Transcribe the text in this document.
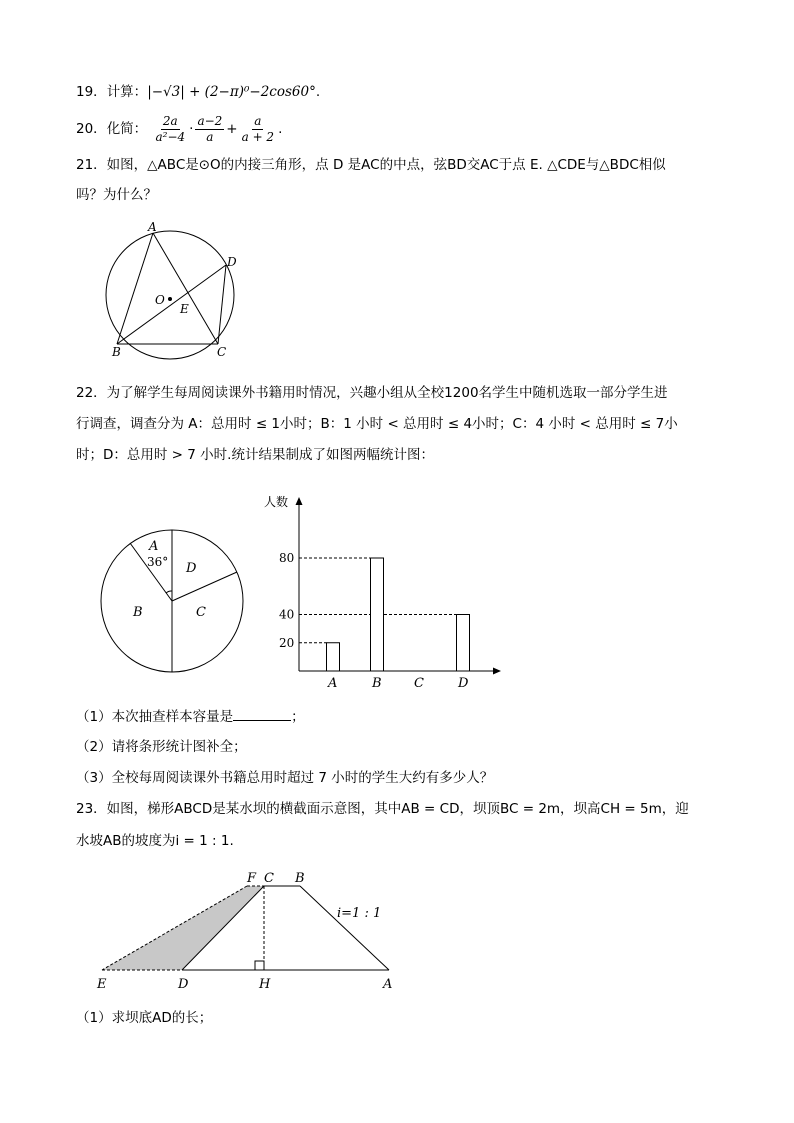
19．计算：|−√3| + (2−π)⁰−2cos60°.
20．化简： $\frac{2a}{\text{a²−4}} \cdot \frac{a-2}{a} + \frac{a}{a + 2}$ .
21．如图，△ABC是⊙O的内接三角形，点 D 是AC的中点，弦BD交AC于点 E. △CDE与△BDC相似
吗？为什么？
A
D
O
E
B	C
22．为了解学生每周阅读课外书籍用时情况，兴趣小组从全校1200名学生中随机选取一部分学生进
行调查，调查分为 A：总用时 ≤ 1小时；B：1 小时 < 总用时 ≤ 4小时；C：4 小时 < 总用时 ≤ 7小
时；D：总用时 > 7 小时.统计结果制成了如图两幅统计图：
A
36° D
B	C
人数
20
40
80
A	B C	D
（1）本次抽查样本容量是	；
（2）请将条形统计图补全；
（3）全校每周阅读课外书籍总用时超过 7 小时的学生大约有多少人？
23．如图，梯形ABCD是某水坝的横截面示意图，其中AB = CD，坝顶BC = 2m，坝高CH = 5m，迎
水坡AB的坡度为i = 1 : 1.
F C B
i=1 : 1
E	D	H	A
（1）求坝底AD的长；
